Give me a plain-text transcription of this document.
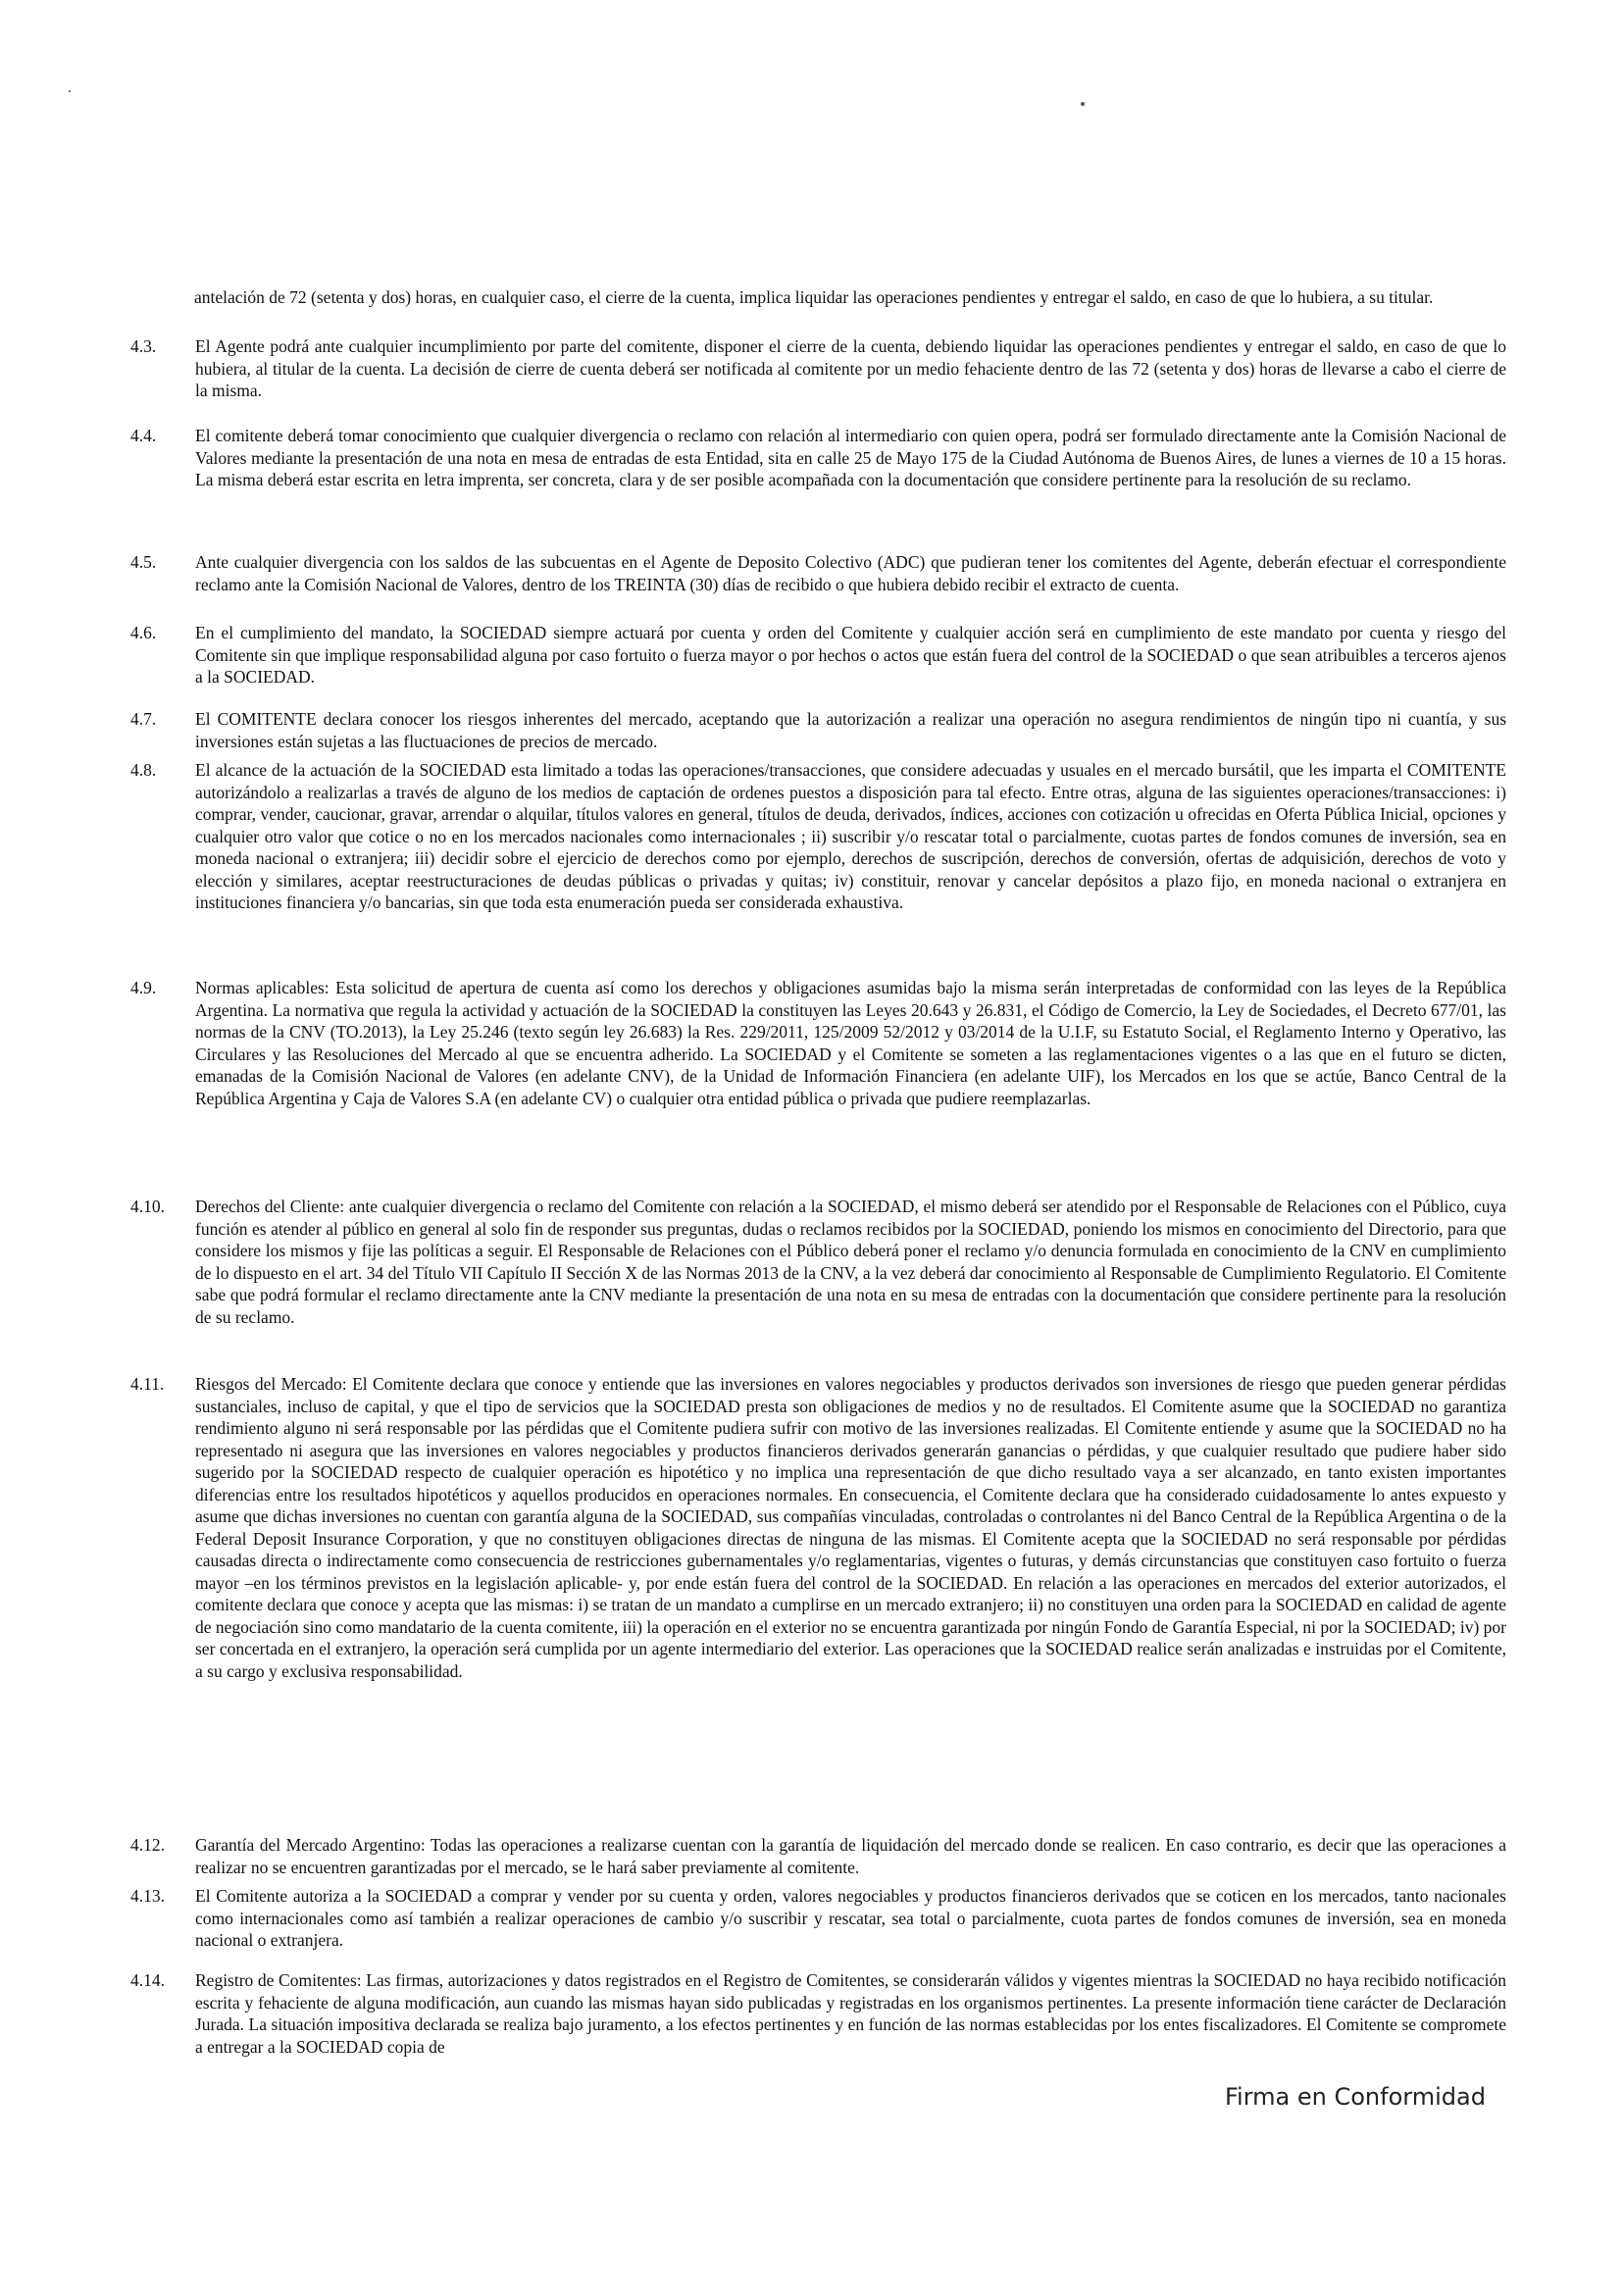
antelación de 72 (setenta y dos) horas, en cualquier caso, el cierre de la cuenta, implica liquidar las operaciones pendientes y entregar el saldo, en caso de que lo hubiera, a su titular.

4.3.	El Agente podrá ante cualquier incumplimiento por parte del comitente, disponer el cierre de la cuenta, debiendo liquidar las operaciones pendientes y entregar el saldo, en caso de que lo hubiera, al titular de la cuenta. La decisión de cierre de cuenta deberá ser notificada al comitente por un medio fehaciente dentro de las 72 (setenta y dos) horas de llevarse a cabo el cierre de la misma.
4.4.	El comitente deberá tomar conocimiento que cualquier divergencia o reclamo con relación al intermediario con quien opera, podrá ser formulado directamente ante la Comisión Nacional de Valores mediante la presentación de una nota en mesa de entradas de esta Entidad, sita en calle 25 de Mayo 175 de la Ciudad Autónoma de Buenos Aires, de lunes a viernes de 10 a 15 horas. La misma deberá estar escrita en letra imprenta, ser concreta, clara y de ser posible acompañada con la documentación que considere pertinente para la resolución de su reclamo.
4.5.	Ante cualquier divergencia con los saldos de las subcuentas en el Agente de Deposito Colectivo (ADC) que pudieran tener los comitentes del Agente, deberán efectuar el correspondiente reclamo ante la Comisión Nacional de Valores, dentro de los TREINTA (30) días de recibido o que hubiera debido recibir el extracto de cuenta.
4.6.	En el cumplimiento del mandato, la SOCIEDAD siempre actuará por cuenta y orden del Comitente y cualquier acción será en cumplimiento de este mandato por cuenta y riesgo del Comitente sin que implique responsabilidad alguna por caso fortuito o fuerza mayor o por hechos o actos que están fuera del control de la SOCIEDAD o que sean atribuibles a terceros ajenos a la SOCIEDAD.
4.7.	El COMITENTE declara conocer los riesgos inherentes del mercado, aceptando que la autorización a realizar una operación no asegura rendimientos de ningún tipo ni cuantía, y sus inversiones están sujetas a las fluctuaciones de precios de mercado.
4.8.	El alcance de la actuación de la SOCIEDAD esta limitado a todas las operaciones/transacciones, que considere adecuadas y usuales en el mercado bursátil, que les imparta el COMITENTE autorizándolo a realizarlas a través de alguno de los medios de captación de ordenes puestos a disposición para tal efecto. Entre otras, alguna de las siguientes operaciones/transacciones: i) comprar, vender, caucionar, gravar, arrendar o alquilar, títulos valores en general, títulos de deuda, derivados, índices, acciones con cotización u ofrecidas en Oferta Pública Inicial, opciones y cualquier otro valor que cotice o no en los mercados nacionales como internacionales ; ii) suscribir y/o rescatar total o parcialmente, cuotas partes de fondos comunes de inversión, sea en moneda nacional o extranjera; iii) decidir sobre el ejercicio de derechos como por ejemplo, derechos de suscripción, derechos de conversión, ofertas de adquisición, derechos de voto y elección y similares, aceptar reestructuraciones de deudas públicas o privadas y quitas; iv) constituir, renovar y cancelar depósitos a plazo fijo, en moneda nacional o extranjera en instituciones financiera y/o bancarias, sin que toda esta enumeración pueda ser considerada exhaustiva.
4.9.	Normas aplicables: Esta solicitud de apertura de cuenta así como los derechos y obligaciones asumidas bajo la misma serán interpretadas de conformidad con las leyes de la República Argentina. La normativa que regula la actividad y actuación de la SOCIEDAD la constituyen las Leyes 20.643 y 26.831, el Código de Comercio, la Ley de Sociedades, el Decreto 677/01, las normas de la CNV (TO.2013), la Ley 25.246 (texto según ley 26.683) la Res. 229/2011, 125/2009 52/2012 y 03/2014 de la U.I.F, su Estatuto Social, el Reglamento Interno y Operativo, las Circulares y las Resoluciones del Mercado al que se encuentra adherido. La SOCIEDAD y el Comitente se someten a las reglamentaciones vigentes o a las que en el futuro se dicten, emanadas de la Comisión Nacional de Valores (en adelante CNV), de la Unidad de Información Financiera (en adelante UIF), los Mercados en los que se actúe, Banco Central de la República Argentina y Caja de Valores S.A (en adelante CV) o cualquier otra entidad pública o privada que pudiere reemplazarlas.
4.10.	Derechos del Cliente: ante cualquier divergencia o reclamo del Comitente con relación a la SOCIEDAD, el mismo deberá ser atendido por el Responsable de Relaciones con el Público, cuya función es atender al público en general al solo fin de responder sus preguntas, dudas o reclamos recibidos por la SOCIEDAD, poniendo los mismos en conocimiento del Directorio, para que considere los mismos y fije las políticas a seguir. El Responsable de Relaciones con el Público deberá poner el reclamo y/o denuncia formulada en conocimiento de la CNV en cumplimiento de lo dispuesto en el art. 34 del Título VII Capítulo II Sección X de las Normas 2013 de la CNV, a la vez deberá dar conocimiento al Responsable de Cumplimiento Regulatorio. El Comitente sabe que podrá formular el reclamo directamente ante la CNV mediante la presentación de una nota en su mesa de entradas con la documentación que considere pertinente para la resolución de su reclamo.
4.11.	Riesgos del Mercado: El Comitente declara que conoce y entiende que las inversiones en valores negociables y productos derivados son inversiones de riesgo que pueden generar pérdidas sustanciales, incluso de capital, y que el tipo de servicios que la SOCIEDAD presta son obligaciones de medios y no de resultados. El Comitente asume que la SOCIEDAD no garantiza rendimiento alguno ni será responsable por las pérdidas que el Comitente pudiera sufrir con motivo de las inversiones realizadas. El Comitente entiende y asume que la SOCIEDAD no ha representado ni asegura que las inversiones en valores negociables y productos financieros derivados generarán ganancias o pérdidas, y que cualquier resultado que pudiere haber sido sugerido por la SOCIEDAD respecto de cualquier operación es hipotético y no implica una representación de que dicho resultado vaya a ser alcanzado, en tanto existen importantes diferencias entre los resultados hipotéticos y aquellos producidos en operaciones normales. En consecuencia, el Comitente declara que ha considerado cuidadosamente lo antes expuesto y asume que dichas inversiones no cuentan con garantía alguna de la SOCIEDAD, sus compañías vinculadas, controladas o controlantes ni del Banco Central de la República Argentina o de la Federal Deposit Insurance Corporation, y que no constituyen obligaciones directas de ninguna de las mismas. El Comitente acepta que la SOCIEDAD no será responsable por pérdidas causadas directa o indirectamente como consecuencia de restricciones gubernamentales y/o reglamentarias, vigentes o futuras, y demás circunstancias que constituyen caso fortuito o fuerza mayor –en los términos previstos en la legislación aplicable- y, por ende están fuera del control de la SOCIEDAD. En relación a las operaciones en mercados del exterior autorizados, el comitente declara que conoce y acepta que las mismas: i) se tratan de un mandato a cumplirse en un mercado extranjero; ii) no constituyen una orden para la SOCIEDAD en calidad de agente de negociación sino como mandatario de la cuenta comitente, iii) la operación en el exterior no se encuentra garantizada por ningún Fondo de Garantía Especial, ni por la SOCIEDAD; iv) por ser concertada en el extranjero, la operación será cumplida por un agente intermediario del exterior. Las operaciones que la SOCIEDAD realice serán analizadas e instruidas por el Comitente, a su cargo y exclusiva responsabilidad.
4.12.	Garantía del Mercado Argentino: Todas las operaciones a realizarse cuentan con la garantía de liquidación del mercado donde se realicen. En caso contrario, es decir que las operaciones a realizar no se encuentren garantizadas por el mercado, se le hará saber previamente al comitente.
4.13.	El Comitente autoriza a la SOCIEDAD a comprar y vender por su cuenta y orden, valores negociables y productos financieros derivados que se coticen en los mercados, tanto nacionales como internacionales como así también a realizar operaciones de cambio y/o suscribir y rescatar, sea total o parcialmente, cuota partes de fondos comunes de inversión, sea en moneda nacional o extranjera.
4.14.	Registro de Comitentes: Las firmas, autorizaciones y datos registrados en el Registro de Comitentes, se considerarán válidos y vigentes mientras la SOCIEDAD no haya recibido notificación escrita y fehaciente de alguna modificación, aun cuando las mismas hayan sido publicadas y registradas en los organismos pertinentes. La presente información tiene carácter de Declaración Jurada. La situación impositiva declarada se realiza bajo juramento, a los efectos pertinentes y en función de las normas establecidas por los entes fiscalizadores. El Comitente se compromete a entregar a la SOCIEDAD copia de
Firma en Conformidad
